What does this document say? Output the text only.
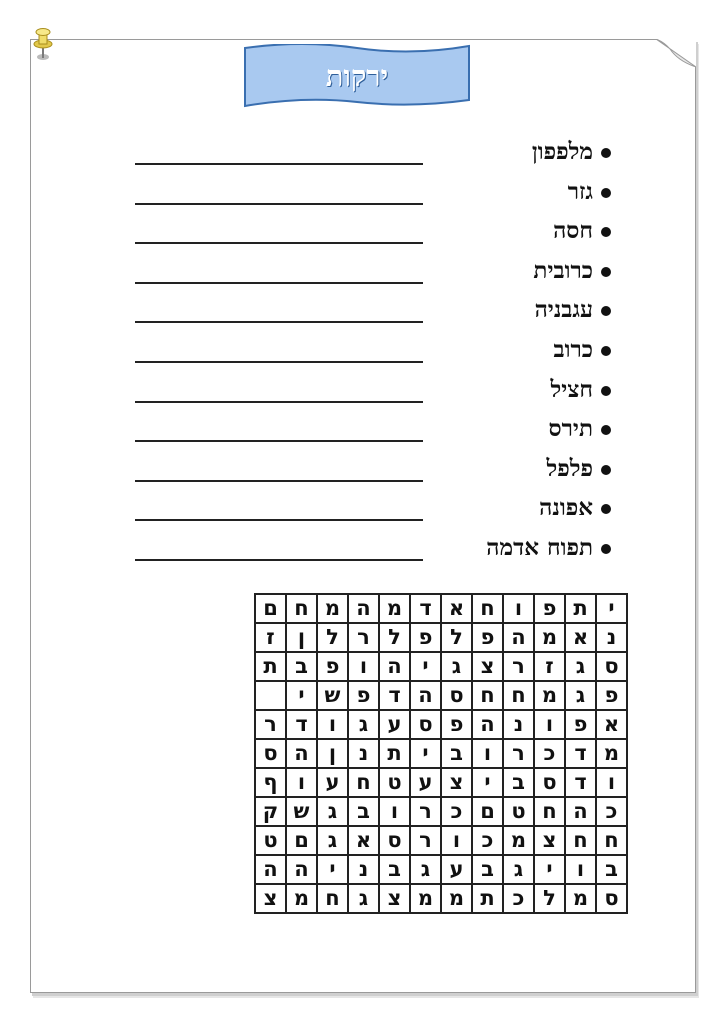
ירקות
מלפפון
גזר
חסה
כרובית
עגבניה
כרוב
חציל
תירס
פלפל
אפונה
תפוח אדמה
ם	ח	מ	ה	מ	ד	א	ח	ו	פ	ת	י
ז	ן	ל	ר	ל	פ	ל	פ	ה	מ	א	נ
ת	ב	פ	ו	ה	י	ג	צ	ר	ז	ג	ס
	י	ש	פ	ד	ה	ס	ח	ח	מ	ג	פ
ר	ד	ו	ג	ע	ס	פ	ה	נ	ו	פ	א
ס	ה	ן	נ	ת	י	ב	ו	ר	כ	ד	מ
ף	ו	ע	ח	ט	ע	צ	י	ב	ס	ד	ו
ק	ש	ג	ב	ו	ר	כ	ם	ט	ח	ה	כ
ט	ם	ג	א	ס	ר	ו	כ	מ	צ	ח	ח
ה	ה	י	נ	ב	ג	ע	ב	ג	י	ו	ב
צ	מ	ח	ג	צ	מ	מ	ת	כ	ל	מ	ס
